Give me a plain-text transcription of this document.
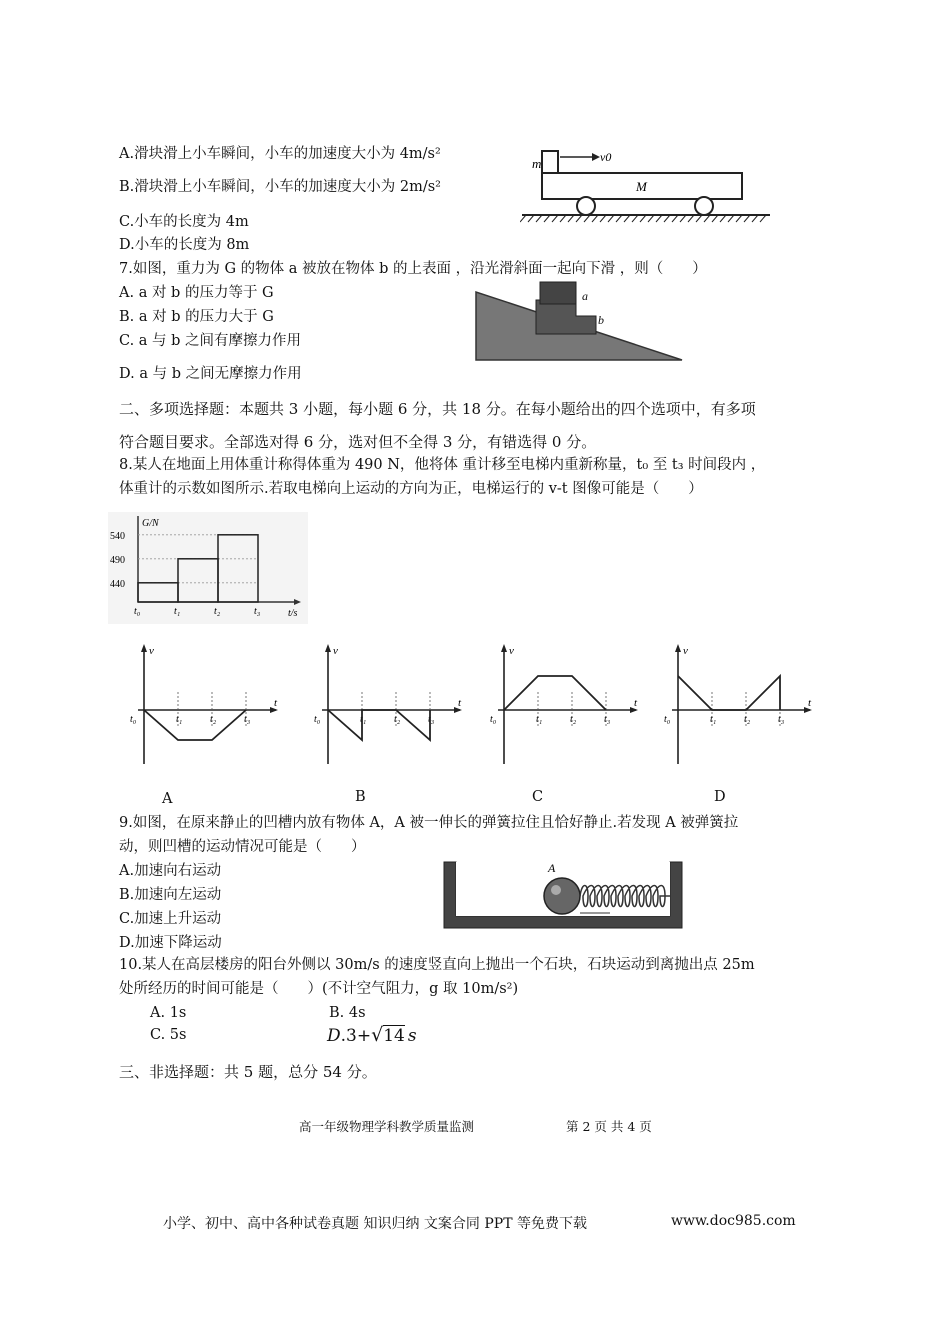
A.滑块滑上小车瞬间，小车的加速度大小为 4m/s²
B.滑块滑上小车瞬间，小车的加速度大小为 2m/s²
C.小车的长度为 4m
D.小车的长度为 8m
m	v0
M
7.如图，重力为 G 的物体 a 被放在物体 b 的上表面 ，沿光滑斜面一起向下滑 ，则（　　）
A. a 对 b 的压力等于 G
B. a 对 b 的压力大于 G
C. a 与 b 之间有摩擦力作用
D. a 与 b 之间无摩擦力作用
a
b
二、多项选择题：本题共 3 小题，每小题 6 分，共 18 分。在每小题给出的四个选项中，有多项
符合题目要求。全部选对得 6 分，选对但不全得 3 分，有错选得 0 分。
8.某人在地面上用体重计称得体重为 490 N，他将体 重计移至电梯内重新称量，t₀ 至 t₃ 时间段内 ，
体重计的示数如图所示.若取电梯向上运动的方向为正，电梯运行的 v-t 图像可能是（　　）
G/N
t/s
540
490
440
t₀	t₁	t₂	t₃
v
t
t₀	t₁	t₂	t₃
v
t
t₀	t₁	t₂	t₃
v
t
t₀	t₁	t₂	t₃
v
t
t₀	t₁	t₂	t₃
A	B	C	D
9.如图，在原来静止的凹槽内放有物体 A，A 被一伸长的弹簧拉住且恰好静止.若发现 A 被弹簧拉
动，则凹槽的运动情况可能是（　　）
A.加速向右运动
B.加速向左运动
C.加速上升运动
D.加速下降运动
A
10.某人在高层楼房的阳台外侧以 30m/s 的速度竖直向上抛出一个石块，石块运动到离抛出点 25m
处所经历的时间可能是（　　）(不计空气阻力，g 取 10m/s²)
A. 1s	B. 4s
C. 5s	D.3+√14 s
三、非选择题：共 5 题，总分 54 分。
高一年级物理学科教学质量监测	第 2 页 共 4 页
小学、初中、高中各种试卷真题 知识归纳 文案合同 PPT 等免费下载	www.doc985.com
